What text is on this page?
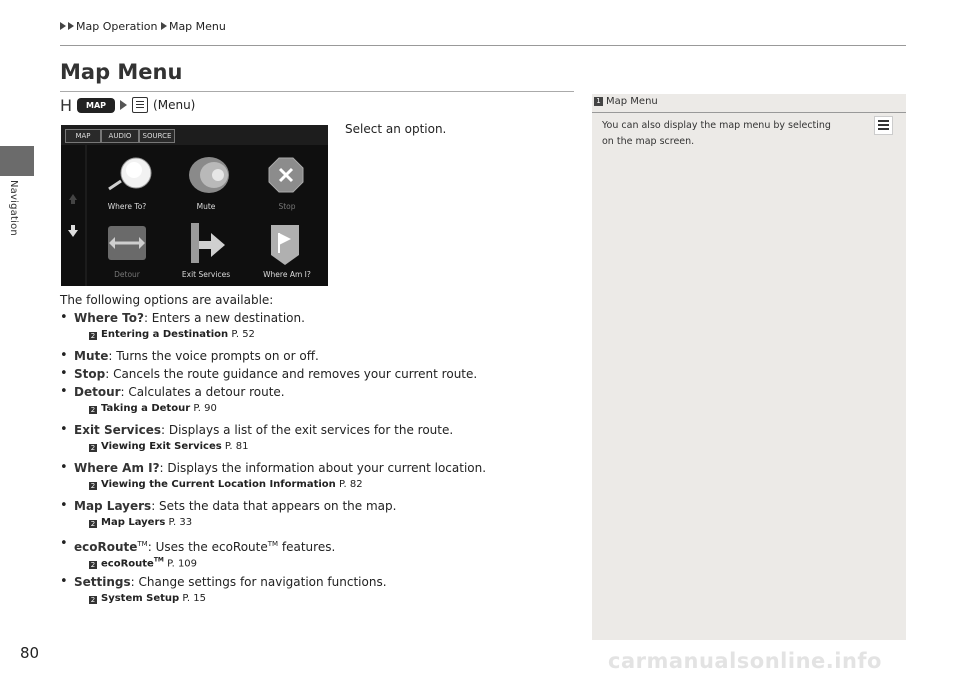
Map Operation Map Menu
Navigation
Map Menu
H	MAP	(Menu)
MAP	AUDIO	SOURCE
Where To?	Mute	Stop
Detour	Exit Services	Where Am I?
Select an option.
The following options are available:
• Where To?: Enters a new destination.
2 Entering a Destination P. 52
• Mute: Turns the voice prompts on or off.
• Stop: Cancels the route guidance and removes your current route.
• Detour: Calculates a detour route.
2 Taking a Detour P. 90
• Exit Services: Displays a list of the exit services for the route.
2 Viewing Exit Services P. 81
• Where Am I?: Displays the information about your current location.
2 Viewing the Current Location Information P. 82
• Map Layers: Sets the data that appears on the map.
2 Map Layers P. 33
• ecoRoute™: Uses the ecoRoute™ features.
2 ecoRoute™ P. 109
• Settings: Change settings for navigation functions.
2 System Setup P. 15
1 Map Menu
You can also display the map menu by selecting
on the map screen.
80	carmanualsonline.info
